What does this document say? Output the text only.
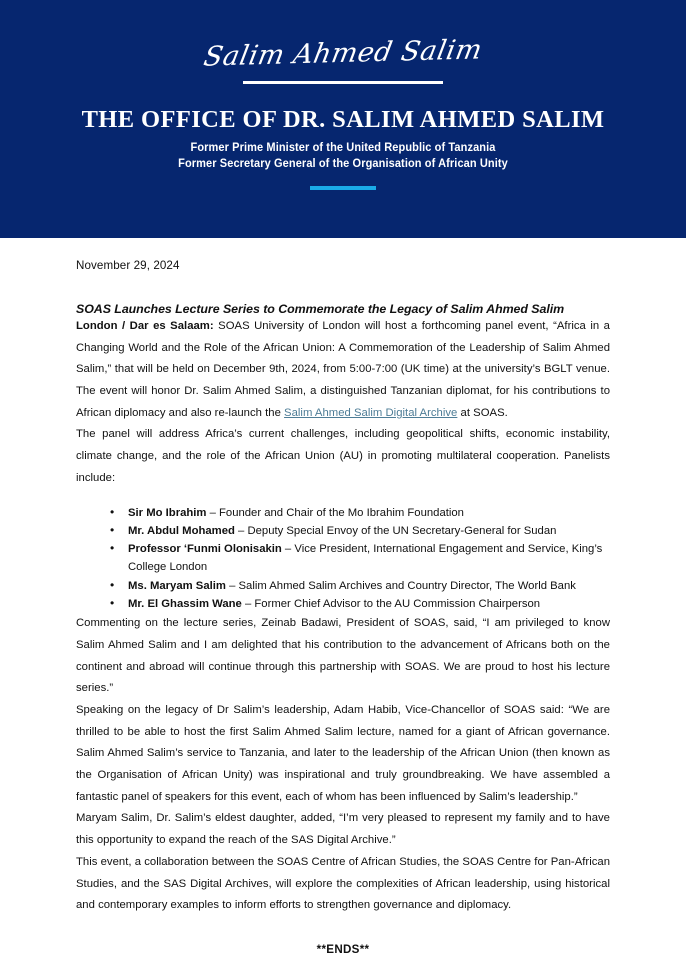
Salim Ahmed Salim
THE OFFICE OF DR. SALIM AHMED SALIM
Former Prime Minister of the United Republic of Tanzania
Former Secretary General of the Organisation of African Unity
November 29, 2024
SOAS Launches Lecture Series to Commemorate the Legacy of Salim Ahmed Salim

London / Dar es Salaam: SOAS University of London will host a forthcoming panel event, “Africa in a Changing World and the Role of the African Union: A Commemoration of the Leadership of Salim Ahmed Salim,” that will be held on December 9th, 2024, from 5:00-7:00 (UK time) at the university’s BGLT venue. The event will honor Dr. Salim Ahmed Salim, a distinguished Tanzanian diplomat, for his contributions to African diplomacy and also re-launch the Salim Ahmed Salim Digital Archive at SOAS.

The panel will address Africa’s current challenges, including geopolitical shifts, economic instability, climate change, and the role of the African Union (AU) in promoting multilateral cooperation. Panelists include:

• Sir Mo Ibrahim – Founder and Chair of the Mo Ibrahim Foundation
• Mr. Abdul Mohamed – Deputy Special Envoy of the UN Secretary-General for Sudan
• Professor ‘Funmi Olonisakin – Vice President, International Engagement and Service, King’s College London
• Ms. Maryam Salim – Salim Ahmed Salim Archives and Country Director, The World Bank
• Mr. El Ghassim Wane – Former Chief Advisor to the AU Commission Chairperson

Commenting on the lecture series, Zeinab Badawi, President of SOAS, said, “I am privileged to know Salim Ahmed Salim and I am delighted that his contribution to the advancement of Africans both on the continent and abroad will continue through this partnership with SOAS. We are proud to host his lecture series.”

Speaking on the legacy of Dr Salim’s leadership, Adam Habib, Vice-Chancellor of SOAS said: “We are thrilled to be able to host the first Salim Ahmed Salim lecture, named for a giant of African governance. Salim Ahmed Salim’s service to Tanzania, and later to the leadership of the African Union (then known as the Organisation of African Unity) was inspirational and truly groundbreaking. We have assembled a fantastic panel of speakers for this event, each of whom has been influenced by Salim’s leadership.”

Maryam Salim, Dr. Salim’s eldest daughter, added, “I’m very pleased to represent my family and to have this opportunity to expand the reach of the SAS Digital Archive.”

This event, a collaboration between the SOAS Centre of African Studies, the SOAS Centre for Pan-African Studies, and the SAS Digital Archives, will explore the complexities of African leadership, using historical and contemporary examples to inform efforts to strengthen governance and diplomacy.

**ENDS**
